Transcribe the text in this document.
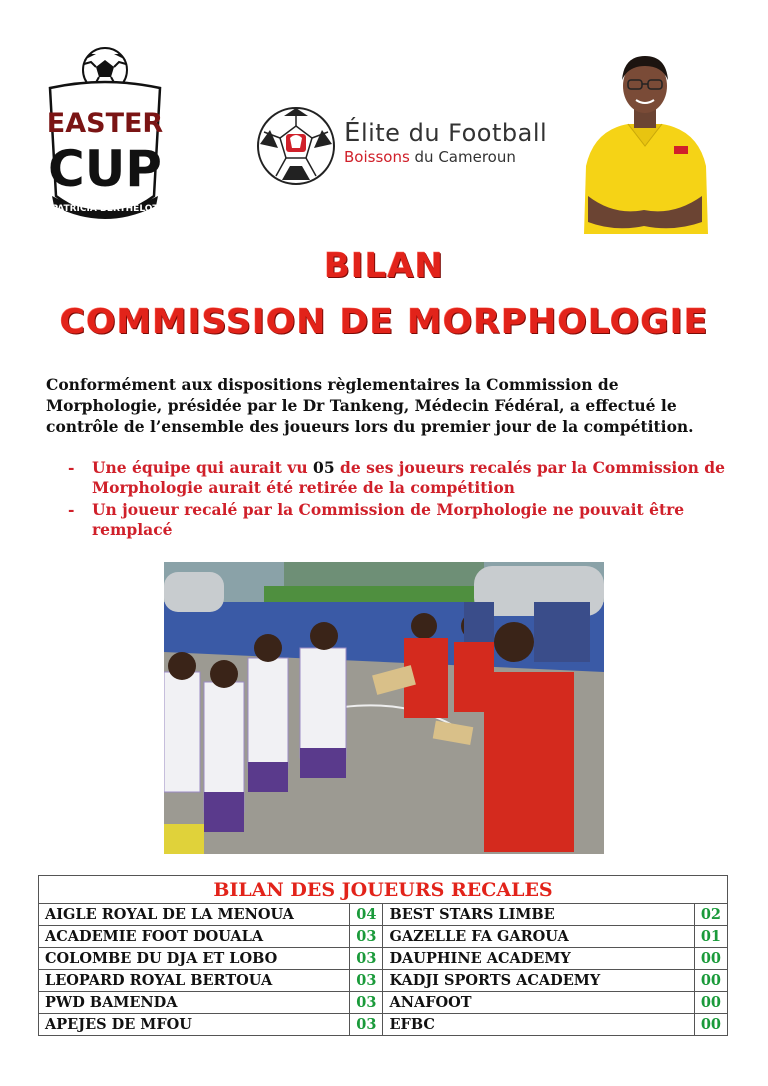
EASTER
CUP
PATRICIA BERTHELOT
Élite du Football
Boissons du Cameroun
BILAN
COMMISSION DE MORPHOLOGIE

Conformément aux dispositions règlementaires la Commission de Morphologie, présidée par le Dr Tankeng, Médecin Fédéral, a effectué le contrôle de l’ensemble des joueurs lors du premier jour de la compétition.

- Une équipe qui aurait vu 05 de ses joueurs recalés par la Commission de Morphologie aurait été retirée de la compétition
- Un joueur recalé par la Commission de Morphologie ne pouvait être remplacé
BILAN DES JOUEURS RECALES			
AIGLE ROYAL DE LA MENOUA	04	BEST STARS LIMBE	02
ACADEMIE FOOT DOUALA	03	GAZELLE FA GAROUA	01
COLOMBE DU DJA ET LOBO	03	DAUPHINE ACADEMY	00
LEOPARD ROYAL BERTOUA	03	KADJI SPORTS ACADEMY	00
PWD BAMENDA	03	ANAFOOT	00
APEJES DE MFOU	03	EFBC	00
